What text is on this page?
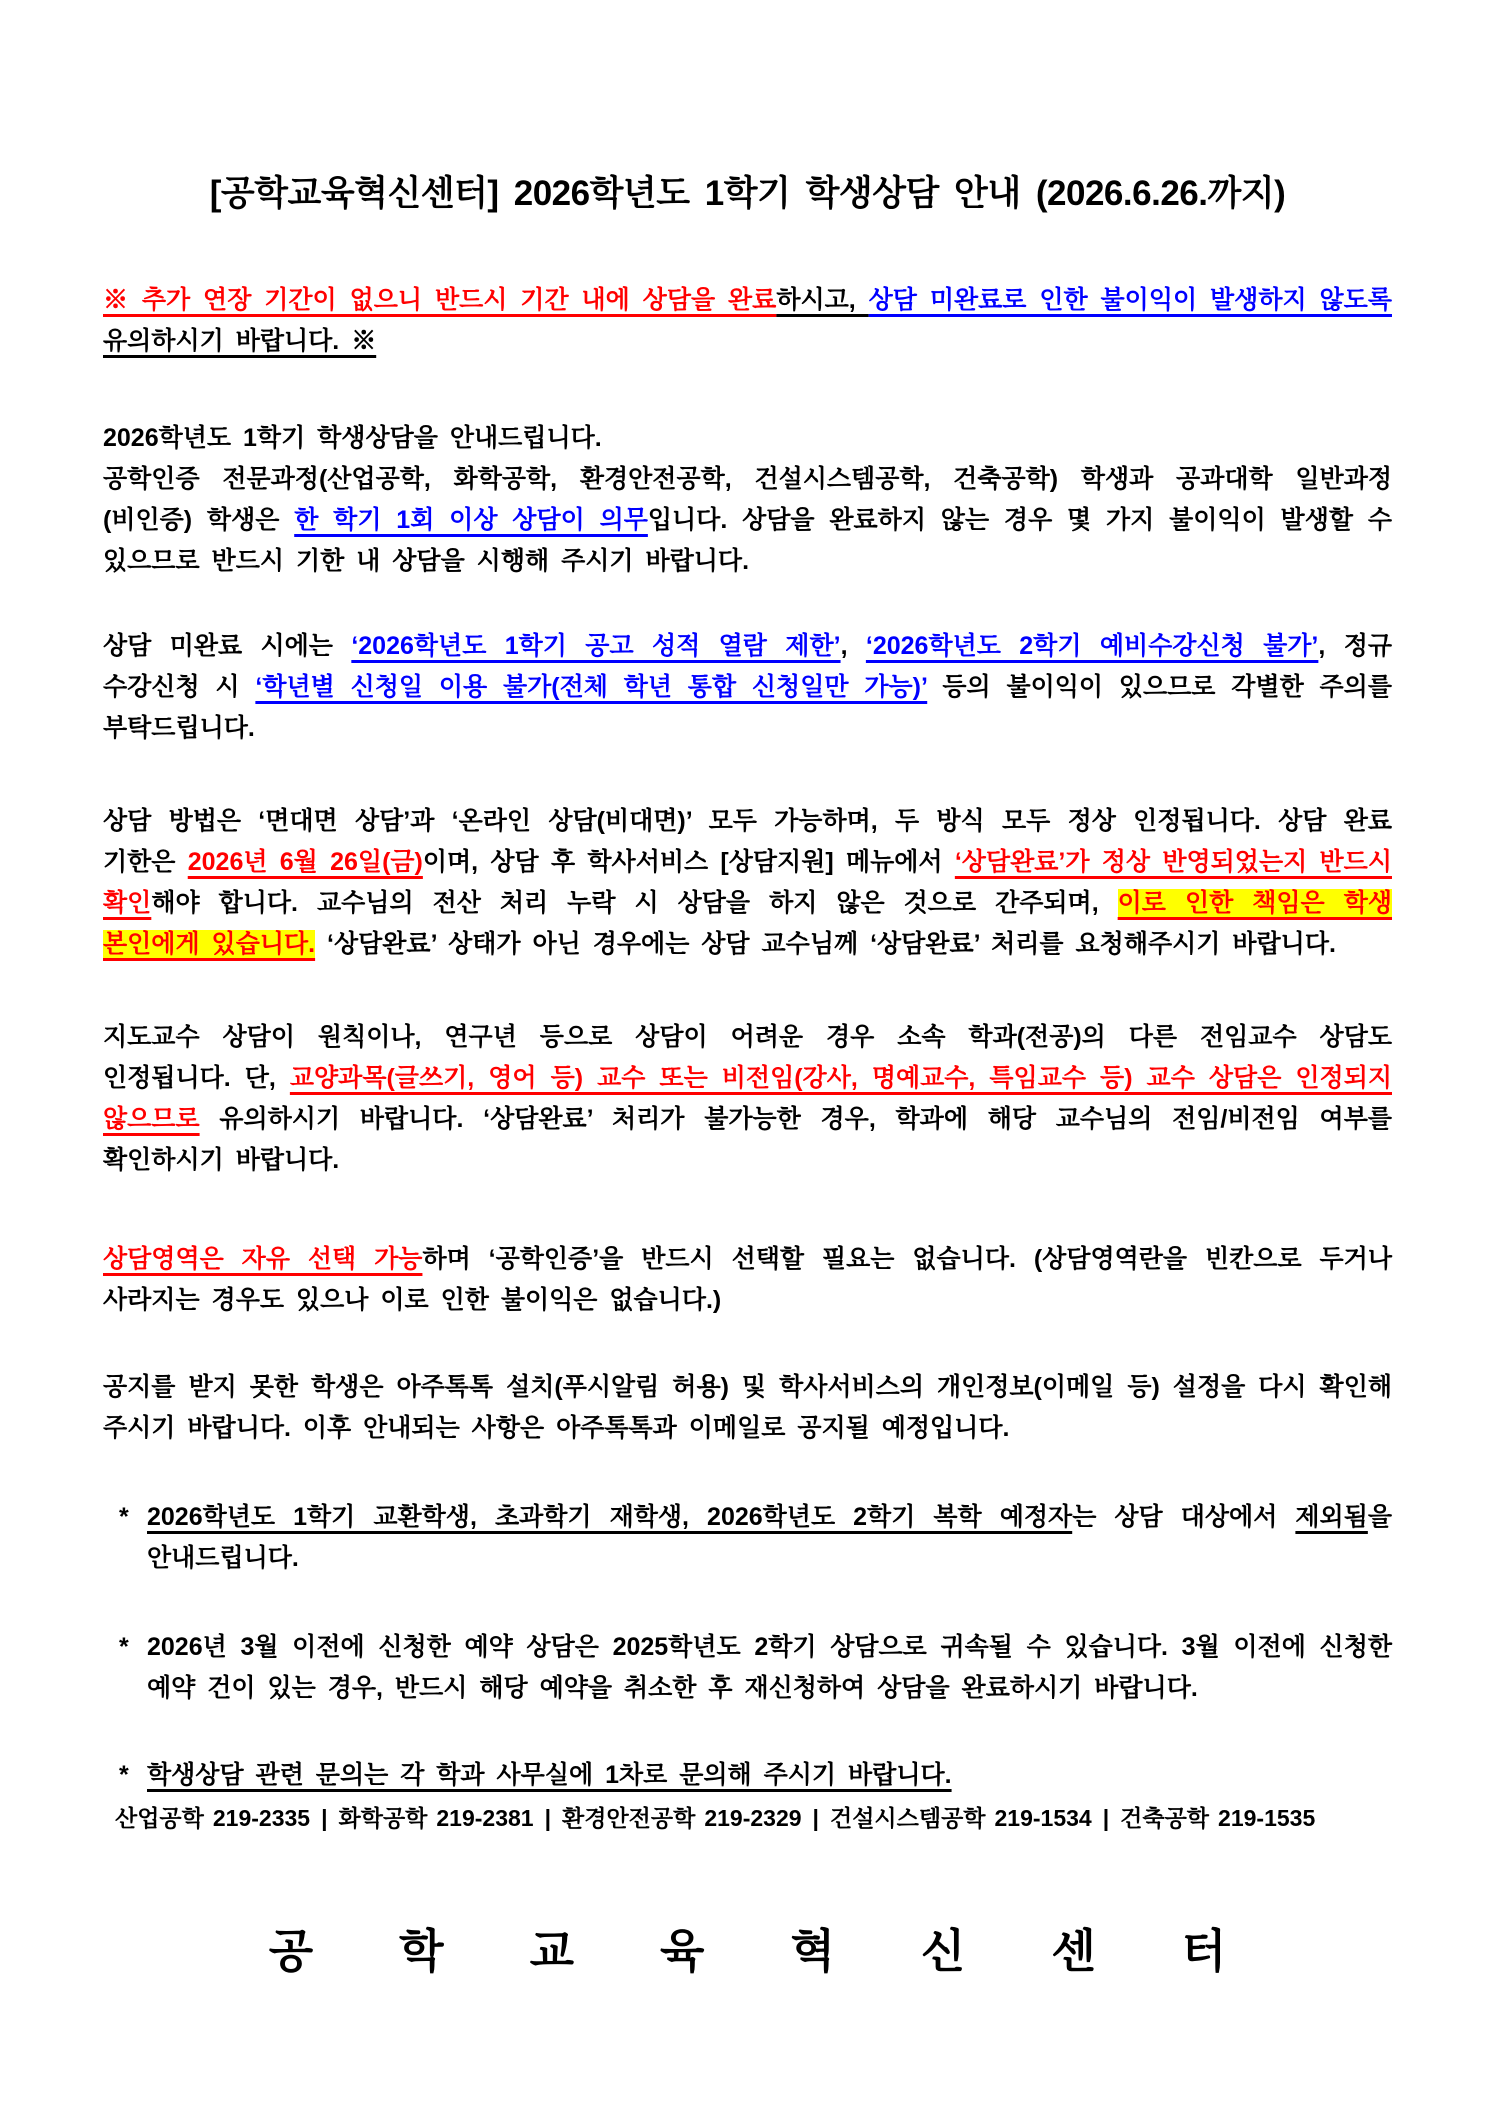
[공학교육혁신센터] 2026학년도 1학기 학생상담 안내 (2026.6.26.까지)
※ 추가 연장 기간이 없으니 반드시 기간 내에 상담을 완료하시고, 상담 미완료로 인한 불이익이 발생하지 않도록 유의하시기 바랍니다. ※
2026학년도 1학기 학생상담을 안내드립니다.
공학인증 전문과정(산업공학, 화학공학, 환경안전공학, 건설시스템공학, 건축공학) 학생과 공과대학 일반과정(비인증) 학생은 한 학기 1회 이상 상담이 의무입니다. 상담을 완료하지 않는 경우 몇 가지 불이익이 발생할 수 있으므로 반드시 기한 내 상담을 시행해 주시기 바랍니다.
상담 미완료 시에는 ‘2026학년도 1학기 공고 성적 열람 제한’, ‘2026학년도 2학기 예비수강신청 불가’, 정규 수강신청 시 ‘학년별 신청일 이용 불가(전체 학년 통합 신청일만 가능)’ 등의 불이익이 있으므로 각별한 주의를 부탁드립니다.
상담 방법은 ‘면대면 상담’과 ‘온라인 상담(비대면)’ 모두 가능하며, 두 방식 모두 정상 인정됩니다. 상담 완료 기한은 2026년 6월 26일(금)이며, 상담 후 학사서비스 [상담지원] 메뉴에서 ‘상담완료’가 정상 반영되었는지 반드시 확인해야 합니다. 교수님의 전산 처리 누락 시 상담을 하지 않은 것으로 간주되며, 이로 인한 책임은 학생 본인에게 있습니다. ‘상담완료’ 상태가 아닌 경우에는 상담 교수님께 ‘상담완료’ 처리를 요청해주시기 바랍니다.
지도교수 상담이 원칙이나, 연구년 등으로 상담이 어려운 경우 소속 학과(전공)의 다른 전임교수 상담도 인정됩니다. 단, 교양과목(글쓰기, 영어 등) 교수 또는 비전임(강사, 명예교수, 특임교수 등) 교수 상담은 인정되지 않으므로 유의하시기 바랍니다. ‘상담완료’ 처리가 불가능한 경우, 학과에 해당 교수님의 전임/비전임 여부를 확인하시기 바랍니다.
상담영역은 자유 선택 가능하며 ‘공학인증’을 반드시 선택할 필요는 없습니다. (상담영역란을 빈칸으로 두거나 사라지는 경우도 있으나 이로 인한 불이익은 없습니다.)
공지를 받지 못한 학생은 아주톡톡 설치(푸시알림 허용) 및 학사서비스의 개인정보(이메일 등) 설정을 다시 확인해 주시기 바랍니다. 이후 안내되는 사항은 아주톡톡과 이메일로 공지될 예정입니다.
* 2026학년도 1학기 교환학생, 초과학기 재학생, 2026학년도 2학기 복학 예정자는 상담 대상에서 제외됨을 안내드립니다.
* 2026년 3월 이전에 신청한 예약 상담은 2025학년도 2학기 상담으로 귀속될 수 있습니다. 3월 이전에 신청한 예약 건이 있는 경우, 반드시 해당 예약을 취소한 후 재신청하여 상담을 완료하시기 바랍니다.
* 학생상담 관련 문의는 각 학과 사무실에 1차로 문의해 주시기 바랍니다.
산업공학 219-2335 | 화학공학 219-2381 | 환경안전공학 219-2329 | 건설시스템공학 219-1534 | 건축공학 219-1535
공학교육혁신센터
